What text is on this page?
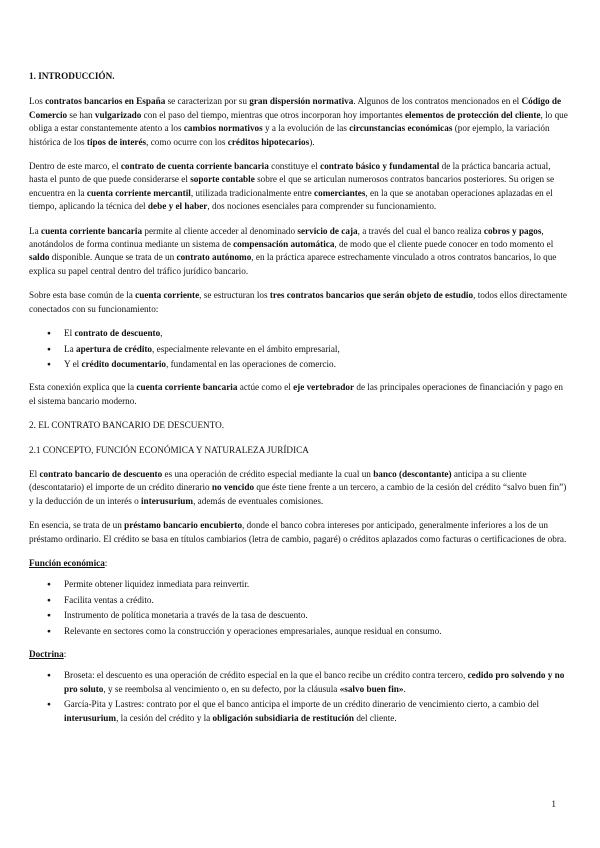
1. INTRODUCCIÓN.

Los contratos bancarios en España se caracterizan por su gran dispersión normativa. Algunos de los contratos mencionados en el Código de Comercio se han vulgarizado con el paso del tiempo, mientras que otros incorporan hoy importantes elementos de protección del cliente, lo que obliga a estar constantemente atento a los cambios normativos y a la evolución de las circunstancias económicas (por ejemplo, la variación histórica de los tipos de interés, como ocurre con los créditos hipotecarios).

Dentro de este marco, el contrato de cuenta corriente bancaria constituye el contrato básico y fundamental de la práctica bancaria actual, hasta el punto de que puede considerarse el soporte contable sobre el que se articulan numerosos contratos bancarios posteriores. Su origen se encuentra en la cuenta corriente mercantil, utilizada tradicionalmente entre comerciantes, en la que se anotaban operaciones aplazadas en el tiempo, aplicando la técnica del debe y el haber, dos nociones esenciales para comprender su funcionamiento.

La cuenta corriente bancaria permite al cliente acceder al denominado servicio de caja, a través del cual el banco realiza cobros y pagos, anotándolos de forma continua mediante un sistema de compensación automática, de modo que el cliente puede conocer en todo momento el saldo disponible. Aunque se trata de un contrato autónomo, en la práctica aparece estrechamente vinculado a otros contratos bancarios, lo que explica su papel central dentro del tráfico jurídico bancario.

Sobre esta base común de la cuenta corriente, se estructuran los tres contratos bancarios que serán objeto de estudio, todos ellos directamente conectados con su funcionamiento:

● El contrato de descuento,
● La apertura de crédito, especialmente relevante en el ámbito empresarial,
● Y el crédito documentario, fundamental en las operaciones de comercio.

Esta conexión explica que la cuenta corriente bancaria actúe como el eje vertebrador de las principales operaciones de financiación y pago en el sistema bancario moderno.

2. EL CONTRATO BANCARIO DE DESCUENTO.
2.1 CONCEPTO, FUNCIÓN ECONÓMICA Y NATURALEZA JURÍDICA

El contrato bancario de descuento es una operación de crédito especial mediante la cual un banco (descontante) anticipa a su cliente (descontatario) el importe de un crédito dinerario no vencido que éste tiene frente a un tercero, a cambio de la cesión del crédito “salvo buen fin”) y la deducción de un interés o interusurium, además de eventuales comisiones.

En esencia, se trata de un préstamo bancario encubierto, donde el banco cobra intereses por anticipado, generalmente inferiores a los de un préstamo ordinario. El crédito se basa en títulos cambiarios (letra de cambio, pagaré) o créditos aplazados como facturas o certificaciones de obra.

Función económica:

● Permite obtener liquidez inmediata para reinvertir.
● Facilita ventas a crédito.
● Instrumento de política monetaria a través de la tasa de descuento.
● Relevante en sectores como la construcción y operaciones empresariales, aunque residual en consumo.

Doctrina:

● Broseta: el descuento es una operación de crédito especial en la que el banco recibe un crédito contra tercero, cedido pro solvendo y no pro soluto, y se reembolsa al vencimiento o, en su defecto, por la cláusula «salvo buen fin».
● García-Pita y Lastres: contrato por el que el banco anticipa el importe de un crédito dinerario de vencimiento cierto, a cambio del interusurium, la cesión del crédito y la obligación subsidiaria de restitución del cliente.
1
